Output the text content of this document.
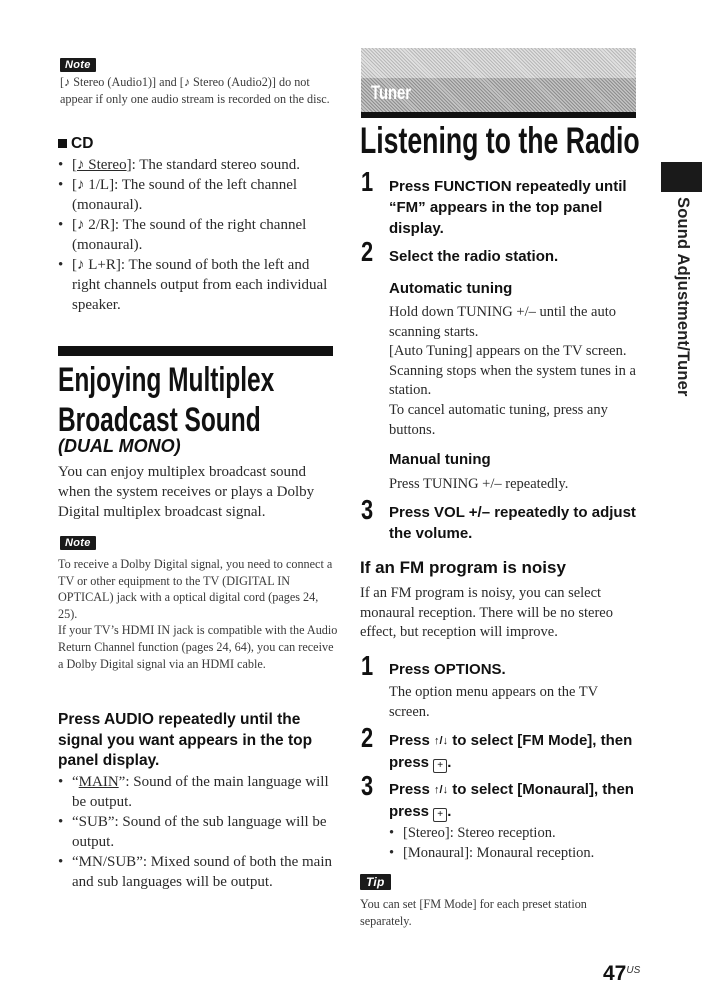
Note
[♪ Stereo (Audio1)] and [♪ Stereo (Audio2)] do not appear if only one audio stream is recorded on the disc.
CD
• [♪ Stereo]: The standard stereo sound.
• [♪ 1/L]: The sound of the left channel (monaural).
• [♪ 2/R]: The sound of the right channel (monaural).
• [♪ L+R]: The sound of both the left and right channels output from each individual speaker.
Enjoying Multiplex
Broadcast Sound
(DUAL MONO)
You can enjoy multiplex broadcast sound when the system receives or plays a Dolby Digital multiplex broadcast signal.
Note
To receive a Dolby Digital signal, you need to connect a TV or other equipment to the TV (DIGITAL IN OPTICAL) jack with a optical digital cord (pages 24, 25).
If your TV’s HDMI IN jack is compatible with the Audio Return Channel function (pages 24, 64), you can receive a Dolby Digital signal via an HDMI cable.
Press AUDIO repeatedly until the signal you want appears in the top panel display.
• “MAIN”: Sound of the main language will be output.
• “SUB”: Sound of the sub language will be output.
• “MN/SUB”: Mixed sound of both the main and sub languages will be output.
Tuner
Listening to the Radio
1 Press FUNCTION repeatedly until “FM” appears in the top panel display.
2 Select the radio station.
Automatic tuning
Hold down TUNING +/– until the auto scanning starts.
[Auto Tuning] appears on the TV screen. Scanning stops when the system tunes in a station.
To cancel automatic tuning, press any buttons.
Manual tuning
Press TUNING +/– repeatedly.
3 Press VOL +/– repeatedly to adjust the volume.
If an FM program is noisy
If an FM program is noisy, you can select monaural reception. There will be no stereo effect, but reception will improve.
1 Press OPTIONS.
The option menu appears on the TV screen.
2 Press ↑/↓ to select [FM Mode], then press + .
3 Press ↑/↓ to select [Monaural], then press + .
• [Stereo]: Stereo reception.
• [Monaural]: Monaural reception.
Tip
You can set [FM Mode] for each preset station separately.
Sound Adjustment/Tuner
$47^{US}$
